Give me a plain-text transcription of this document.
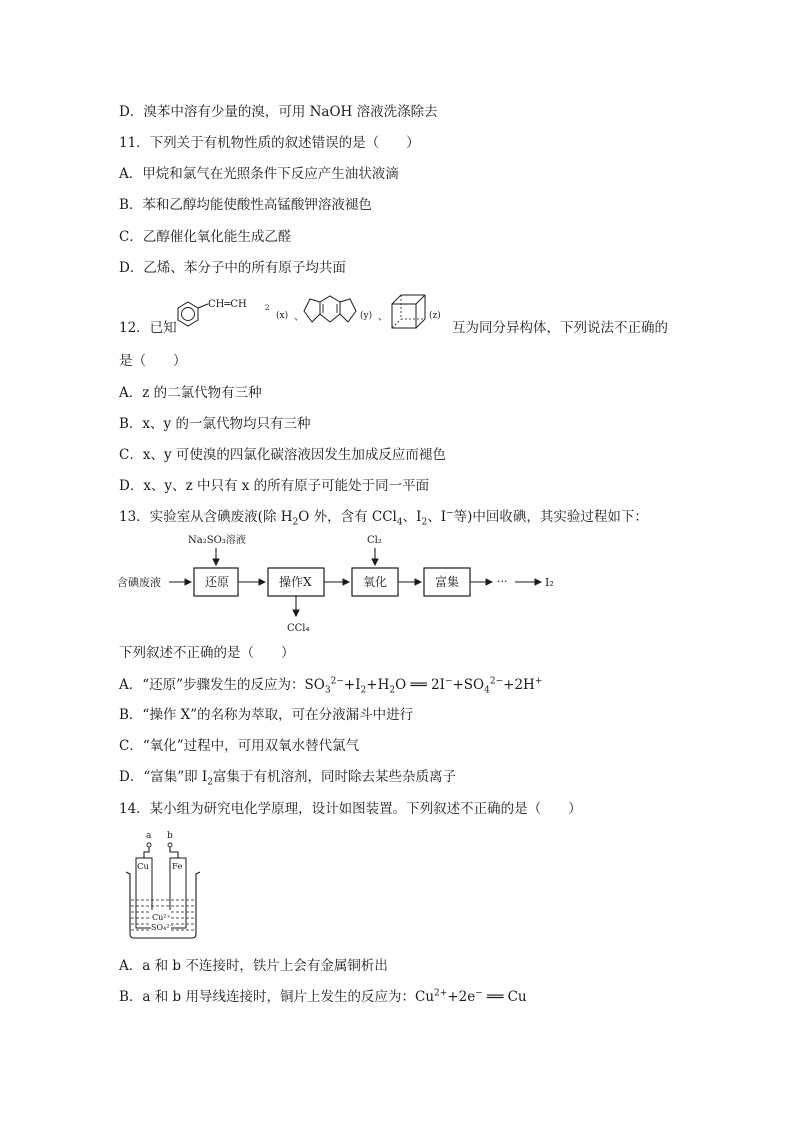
D．溴苯中溶有少量的溴，可用 NaOH 溶液洗涤除去
11．下列关于有机物性质的叙述错误的是（　　）
A．甲烷和氯气在光照条件下反应产生油状液滴
B．苯和乙醇均能使酸性高锰酸钾溶液褪色
C．乙醇催化氧化能生成乙醛
D．乙烯、苯分子中的所有原子均共面
12．已知
CH═CH	2
(x) 、	(y) 、	(z)
互为同分异构体，下列说法不正确的
是（　　）
A．z 的二氯代物有三种
B．x、y 的一氯代物均只有三种
C．x、y 可使溴的四氯化碳溶液因发生加成反应而褪色
D．x、y、z 中只有 x 的所有原子可能处于同一平面
13．实验室从含碘废液(除 $H_2O$ 外，含有 CCl$_4$、$I_2$、I−等)中回收碘，其实验过程如下：
含碘废液	还原
Na₂SO₃溶液
操作X
CCl₄
氧化
Cl₂
富集	···	I₂
下列叙述不正确的是（　　）
A．“还原”步骤发生的反应为：$SO_3^{2-}+I_2+H_2O$ ══ $2I^-+SO_4^{2-}+2H^+$
B．“操作 X”的名称为萃取，可在分液漏斗中进行
C．“氧化”过程中，可用双氧水替代氯气
D．“富集”即 $I_2$富集于有机溶剂，同时除去某些杂质离子
14．某小组为研究电化学原理，设计如图装置。下列叙述不正确的是（　　）
a b
Cu	Fe
Cu²⁺
SO₄²⁻
A．a 和 b 不连接时，铁片上会有金属铜析出
B．a 和 b 用导线连接时，铜片上发生的反应为：$Cu^{2+}+2e^-$ ══ Cu
